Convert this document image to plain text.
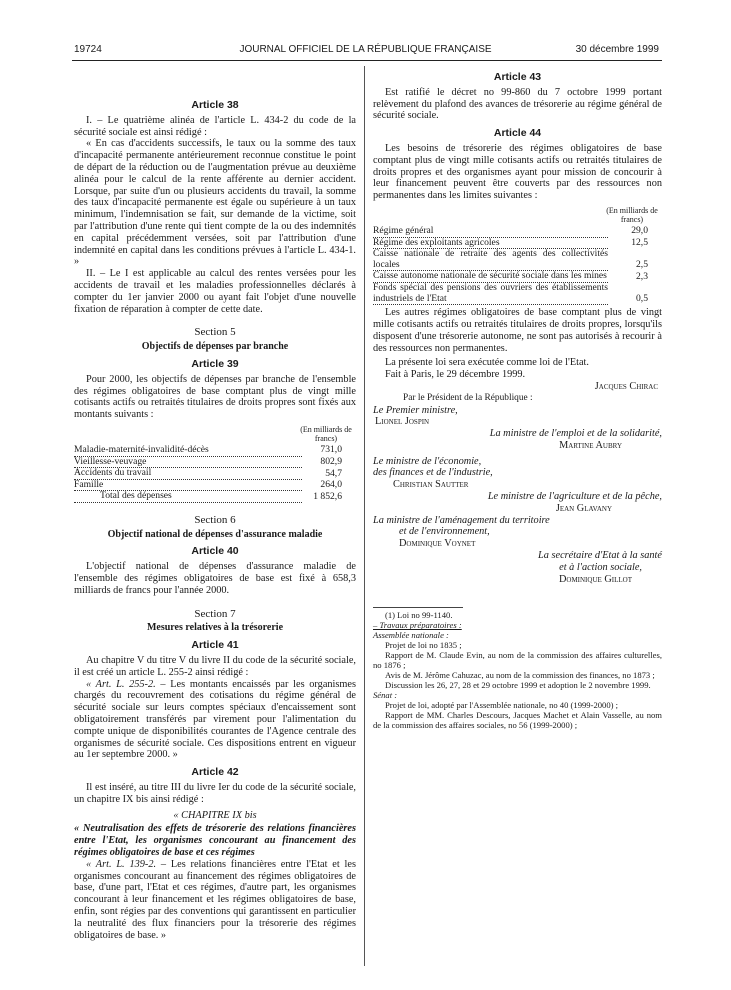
19724	JOURNAL OFFICIEL DE LA RÉPUBLIQUE FRANÇAISE	30 décembre 1999
Article 38

I. – Le quatrième alinéa de l'article L. 434-2 du code de la sécurité sociale est ainsi rédigé :

« En cas d'accidents successifs, le taux ou la somme des taux d'incapacité permanente antérieurement reconnue constitue le point de départ de la réduction ou de l'augmentation prévue au deuxième alinéa pour le calcul de la rente afférente au dernier accident. Lorsque, par suite d'un ou plusieurs accidents du travail, la somme des taux d'incapacité permanente est égale ou supérieure à un taux minimum, l'indemnisation se fait, sur demande de la victime, soit par l'attribution d'une rente qui tient compte de la ou des indemnités en capital précédemment versées, soit par l'attribution d'une indemnité en capital dans les conditions prévues à l'article L. 434-1. »

II. – Le I est applicable au calcul des rentes versées pour les accidents de travail et les maladies professionnelles déclarés à compter du 1er janvier 2000 ou ayant fait l'objet d'une nouvelle fixation de réparation à compter de cette date.

Section 5
Objectifs de dépenses par branche
Article 39

Pour 2000, les objectifs de dépenses par branche de l'ensemble des régimes obligatoires de base comptant plus de vingt mille cotisants actifs ou retraités titulaires de droits propres sont fixés aux montants suivants :

(En milliards de francs)
Maladie-maternité-invalidité-décès	731,0
Vieillesse-veuvage	802,9
Accidents du travail	54,7
Famille	264,0
Total des dépenses	1 852,6
Section 6
Objectif national de dépenses d'assurance maladie
Article 40

L'objectif national de dépenses d'assurance maladie de l'ensemble des régimes obligatoires de base est fixé à 658,3 milliards de francs pour l'année 2000.

Section 7
Mesures relatives à la trésorerie
Article 41

Au chapitre V du titre V du livre II du code de la sécurité sociale, il est créé un article L. 255-2 ainsi rédigé :

« Art. L. 255-2. – Les montants encaissés par les organismes chargés du recouvrement des cotisations du régime général de sécurité sociale sur leurs comptes spéciaux d'encaissement sont obligatoirement transférés par virement pour l'alimentation du compte unique de disponibilités courantes de l'Agence centrale des organismes de sécurité sociale. Ces dispositions entrent en vigueur au 1er septembre 2000. »

Article 42

Il est inséré, au titre III du livre Ier du code de la sécurité sociale, un chapitre IX bis ainsi rédigé :

« CHAPITRE IX bis

« Neutralisation des effets de trésorerie des relations financières entre l'Etat, les organismes concourant au financement des régimes obligatoires de base et ces régimes

« Art. L. 139-2. – Les relations financières entre l'Etat et les organismes concourant au financement des régimes obligatoires de base, d'une part, l'Etat et ces régimes, d'autre part, les organismes concourant à leur financement et les régimes obligatoires de base, enfin, sont régies par des conventions qui garantissent en particulier la neutralité des flux financiers pour la trésorerie des régimes obligatoires de base. »

Article 43

Est ratifié le décret no 99-860 du 7 octobre 1999 portant relèvement du plafond des avances de trésorerie au régime général de sécurité sociale.

Article 44

Les besoins de trésorerie des régimes obligatoires de base comptant plus de vingt mille cotisants actifs ou retraités titulaires de droits propres et des organismes ayant pour mission de concourir à leur financement peuvent être couverts par des ressources non permanentes dans les limites suivantes :

(En milliards de francs)
Régime général	29,0
Régime des exploitants agricoles	12,5
Caisse nationale de retraite des agents des collectivités locales	2,5
Caisse autonome nationale de sécurité sociale dans les mines	2,3
Fonds spécial des pensions des ouvriers des établissements industriels de l'Etat	0,5

Les autres régimes obligatoires de base comptant plus de vingt mille cotisants actifs ou retraités titulaires de droits propres, lorsqu'ils disposent d'une trésorerie autonome, ne sont pas autorisés à recourir à des ressources non permanentes.

La présente loi sera exécutée comme loi de l'Etat.

Fait à Paris, le 29 décembre 1999.

Jacques Chirac
Par le Président de la République :
Le Premier ministre,
Lionel Jospin
La ministre de l'emploi et de la solidarité,
Martine Aubry
Le ministre de l'économie,
des finances et de l'industrie,
Christian Sautter
Le ministre de l'agriculture et de la pêche,
Jean Glavany
La ministre de l'aménagement du territoire
et de l'environnement,
Dominique Voynet
La secrétaire d'Etat à la santé
et à l'action sociale,
Dominique Gillot
(1) Loi no 99-1140.
– Travaux préparatoires :
Assemblée nationale :
Projet de loi no 1835 ;
Rapport de M. Claude Evin, au nom de la commission des affaires culturelles, no 1876 ;
Avis de M. Jérôme Cahuzac, au nom de la commission des finances, no 1873 ;
Discussion les 26, 27, 28 et 29 octobre 1999 et adoption le 2 novembre 1999.
Sénat :
Projet de loi, adopté par l'Assemblée nationale, no 40 (1999-2000) ;
Rapport de MM. Charles Descours, Jacques Machet et Alain Vasselle, au nom de la commission des affaires sociales, no 56 (1999-2000) ;
